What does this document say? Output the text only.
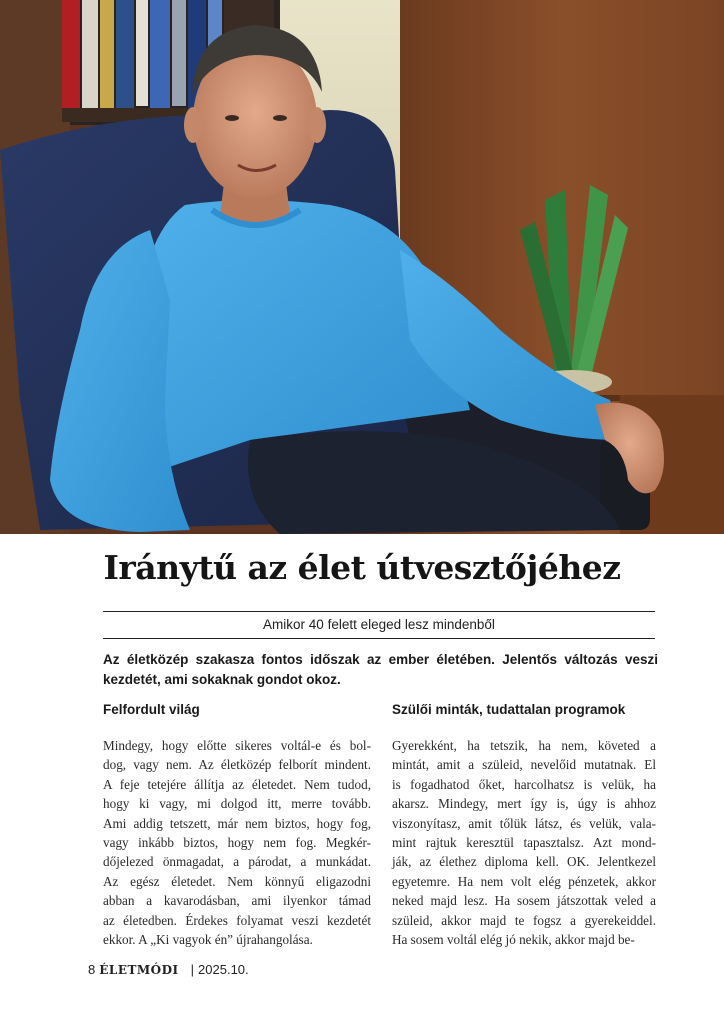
Iránytű az élet útvesztőjéhez
Amikor 40 felett eleged lesz mindenből

Az életközép szakasza fontos időszak az ember életében. Jelentős változás veszi kezdetét, ami sokaknak gondot okoz.

Felfordult világ
Mindegy, hogy előtte sikeres voltál-e és bol-
dog, vagy nem. Az életközép felborít mindent.
A feje tetejére állítja az életedet. Nem tudod,
hogy ki vagy, mi dolgod itt, merre tovább.
Ami addig tetszett, már nem biztos, hogy fog,
vagy inkább biztos, hogy nem fog. Megkér-
dőjelezed önmagadat, a párodat, a munkádat.
Az egész életedet. Nem könnyű eligazodni
abban a kavarodásban, ami ilyenkor támad
az életedben. Érdekes folyamat veszi kezdetét
ekkor. A „Ki vagyok én” újrahangolása.
Szülői minták, tudattalan programok
Gyerekként, ha tetszik, ha nem, követed a
mintát, amit a szüleid, nevelőid mutatnak. El
is fogadhatod őket, harcolhatsz is velük, ha
akarsz. Mindegy, mert így is, úgy is ahhoz
viszonyítasz, amit tőlük látsz, és velük, vala-
mint rajtuk keresztül tapasztalsz. Azt mond-
ják, az élethez diploma kell. OK. Jelentkezel
egyetemre. Ha nem volt elég pénzetek, akkor
neked majd lesz. Ha sosem játszottak veled a
szüleid, akkor majd te fogsz a gyerekeiddel.
Ha sosem voltál elég jó nekik, akkor majd be-
8 ÉLETMÓDI | 2025.10.
